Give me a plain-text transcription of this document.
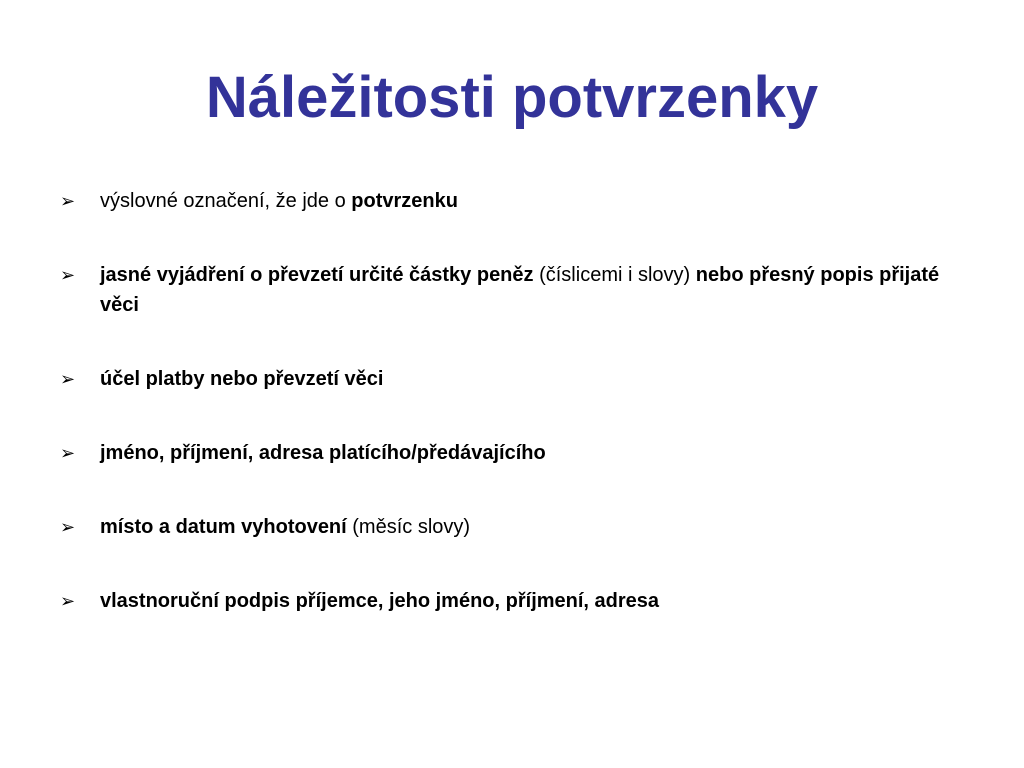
Náležitosti potvrzenky
➢ výslovné označení, že jde o potvrzenku
➢ jasné vyjádření o převzetí určité částky peněz (číslicemi i slovy) nebo přesný popis přijaté věci
➢ účel platby nebo převzetí věci
➢ jméno, příjmení, adresa platícího/předávajícího
➢ místo a datum vyhotovení (měsíc slovy)
➢ vlastnoruční podpis příjemce, jeho jméno, příjmení, adresa
